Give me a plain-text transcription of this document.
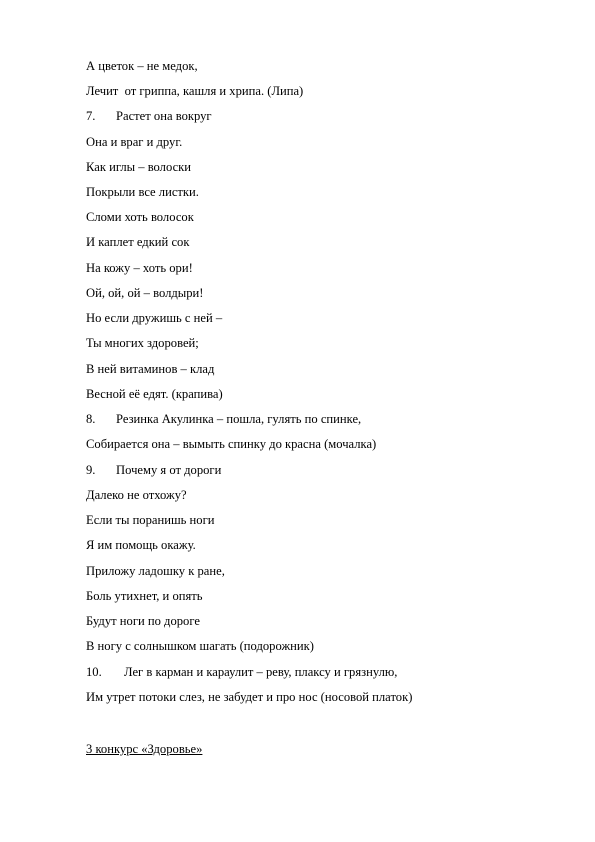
А цветок – не медок,

Лечит  от гриппа, кашля и хрипа. (Липа)

7. Растет она вокруг

Она и враг и друг.

Как иглы – волоски

Покрыли все листки.

Сломи хоть волосок

И каплет едкий сок

На кожу – хоть ори!

Ой, ой, ой – волдыри!

Но если дружишь с ней –

Ты многих здоровей;

В ней витаминов – клад

Весной её едят. (крапива)

8. Резинка Акулинка – пошла, гулять по спинке,

Собирается она – вымыть спинку до красна (мочалка)

9. Почему я от дороги

Далеко не отхожу?

Если ты поранишь ноги

Я им помощь окажу.

Приложу ладошку к ране,

Боль утихнет, и опять

Будут ноги по дороге

В ногу с солнышком шагать (подорожник)

10. Лег в карман и караулит – реву, плаксу и грязнулю,

Им утрет потоки слез, не забудет и про нос (носовой платок)

3 конкурс «Здоровье»
